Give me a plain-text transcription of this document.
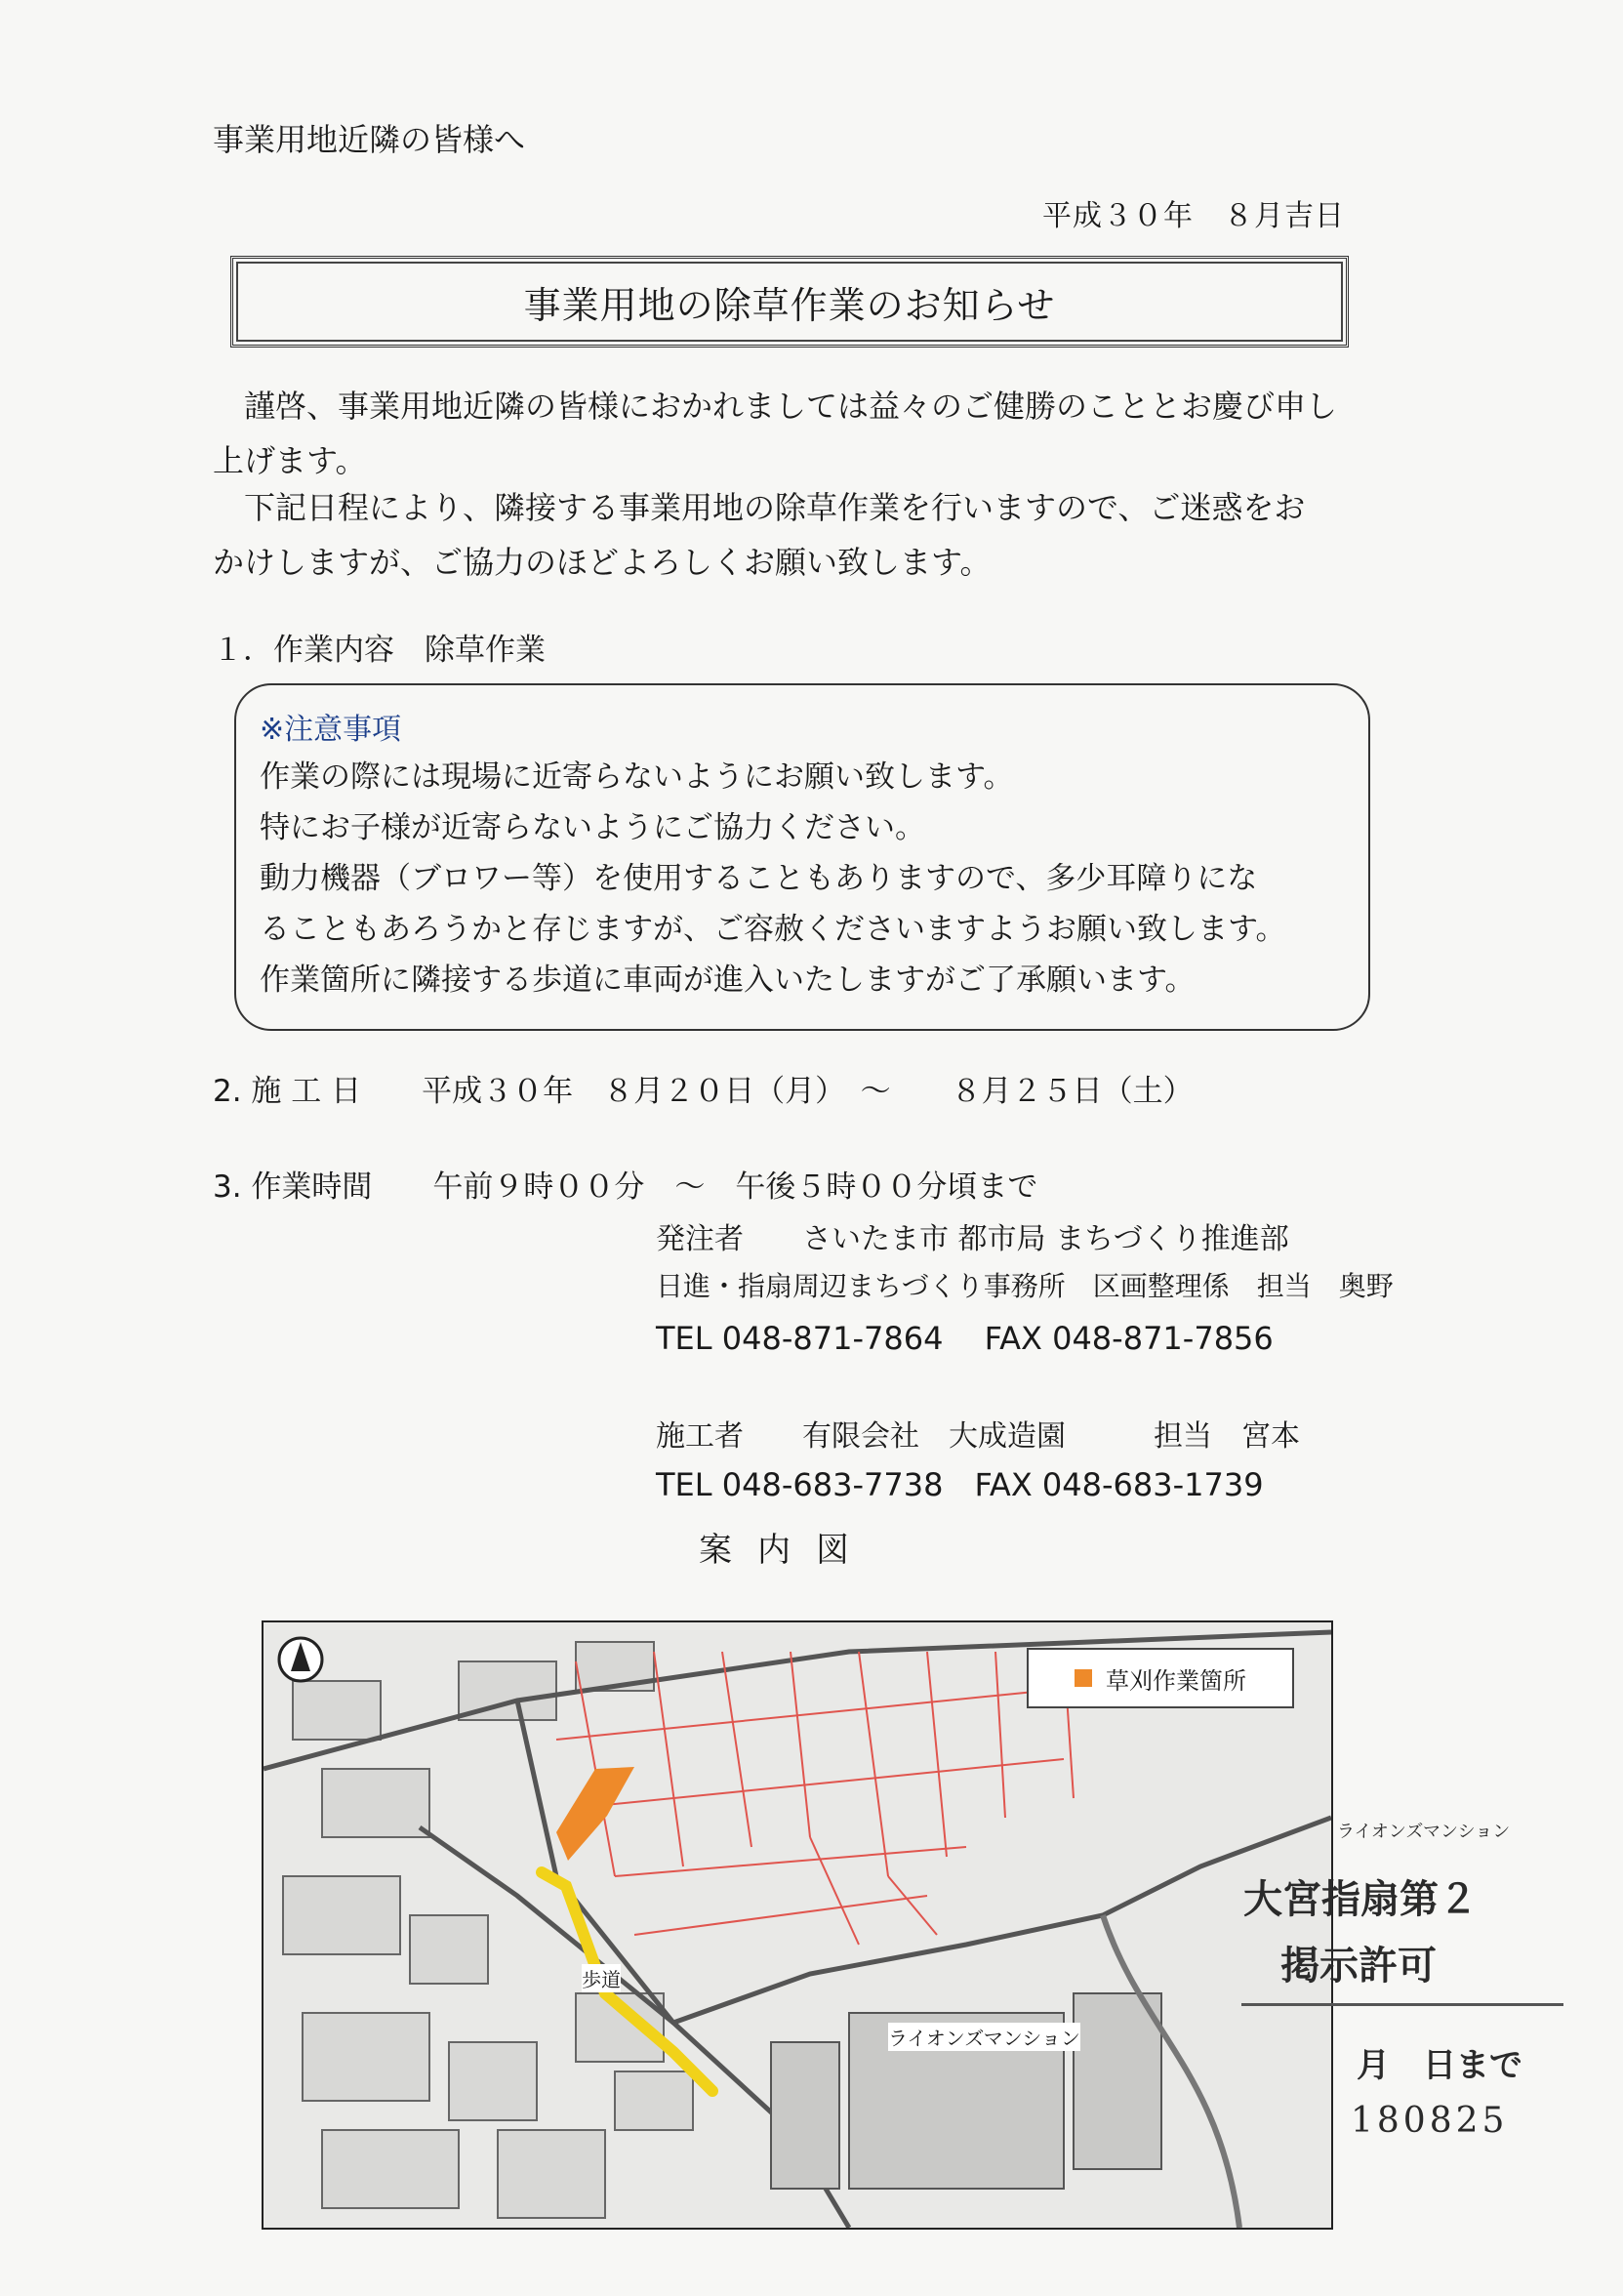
事業用地近隣の皆様へ
平成３０年　８月吉日
事業用地の除草作業のお知らせ
　謹啓、事業用地近隣の皆様におかれましては益々のご健勝のこととお慶び申し
上げます。
　下記日程により、隣接する事業用地の除草作業を行いますので、ご迷惑をお
かけしますが、ご協力のほどよろしくお願い致します。
１．作業内容　除草作業
※注意事項
作業の際には現場に近寄らないようにお願い致します。
特にお子様が近寄らないようにご協力ください。
動力機器（ブロワー等）を使用することもありますので、多少耳障りにな
ることもあろうかと存じますが、ご容赦くださいますようお願い致します。
作業箇所に隣接する歩道に車両が進入いたしますがご了承願います。
2. 施 工 日　　平成３０年　８月２０日（月）　～　　８月２５日（土）
3. 作業時間　　午前９時００分　～　午後５時００分頃まで
発注者　　さいたま市 都市局 まちづくり推進部
日進・指扇周辺まちづくり事務所　区画整理係　担当　奥野
TEL 048-871-7864　 FAX 048-871-7856
施工者　　有限会社　大成造園　　　担当　宮本
TEL 048-683-7738　FAX 048-683-1739
案内図
草刈作業箇所
歩道
ライオンズマンション
ライオンズマンション
大宮指扇第２
掲示許可
月　日まで
180825
